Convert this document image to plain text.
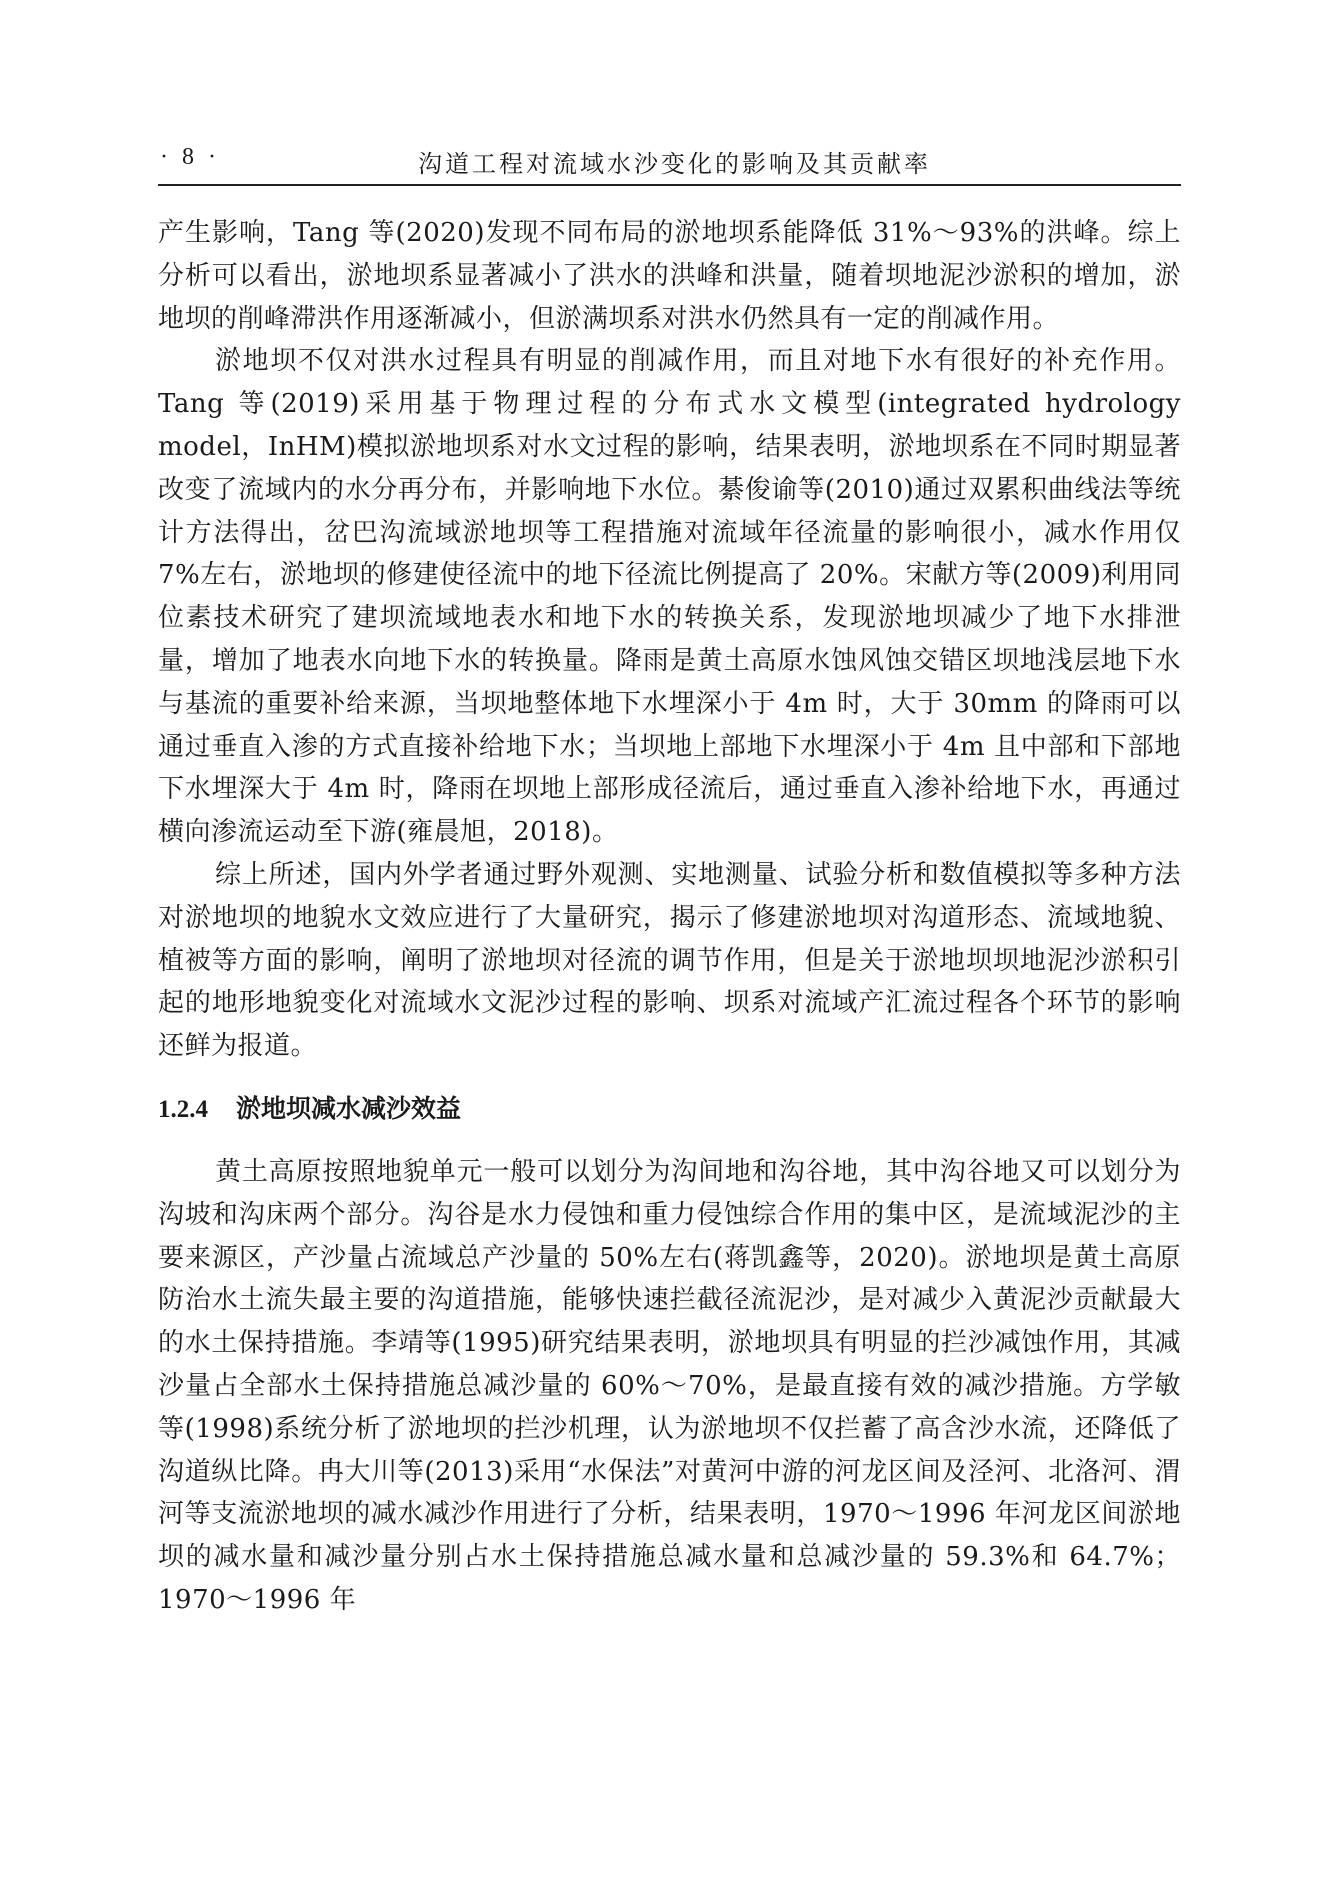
· 8 ·	沟道工程对流域水沙变化的影响及其贡献率

产生影响，Tang 等(2020)发现不同布局的淤地坝系能降低 31%～93%的洪峰。综上分析可以看出，淤地坝系显著减小了洪水的洪峰和洪量，随着坝地泥沙淤积的增加，淤地坝的削峰滞洪作用逐渐减小，但淤满坝系对洪水仍然具有一定的削减作用。

淤地坝不仅对洪水过程具有明显的削减作用，而且对地下水有很好的补充作用。Tang 等(2019)采用基于物理过程的分布式水文模型(integrated hydrology model，InHM)模拟淤地坝系对水文过程的影响，结果表明，淤地坝系在不同时期显著改变了流域内的水分再分布，并影响地下水位。綦俊谕等(2010)通过双累积曲线法等统计方法得出，岔巴沟流域淤地坝等工程措施对流域年径流量的影响很小，减水作用仅 7%左右，淤地坝的修建使径流中的地下径流比例提高了 20%。宋献方等(2009)利用同位素技术研究了建坝流域地表水和地下水的转换关系，发现淤地坝减少了地下水排泄量，增加了地表水向地下水的转换量。降雨是黄土高原水蚀风蚀交错区坝地浅层地下水与基流的重要补给来源，当坝地整体地下水埋深小于 4m 时，大于 30mm 的降雨可以通过垂直入渗的方式直接补给地下水；当坝地上部地下水埋深小于 4m 且中部和下部地下水埋深大于 4m 时，降雨在坝地上部形成径流后，通过垂直入渗补给地下水，再通过横向渗流运动至下游(雍晨旭，2018)。

综上所述，国内外学者通过野外观测、实地测量、试验分析和数值模拟等多种方法对淤地坝的地貌水文效应进行了大量研究，揭示了修建淤地坝对沟道形态、流域地貌、植被等方面的影响，阐明了淤地坝对径流的调节作用，但是关于淤地坝坝地泥沙淤积引起的地形地貌变化对流域水文泥沙过程的影响、坝系对流域产汇流过程各个环节的影响还鲜为报道。

1.2.4 淤地坝减水减沙效益

黄土高原按照地貌单元一般可以划分为沟间地和沟谷地，其中沟谷地又可以划分为沟坡和沟床两个部分。沟谷是水力侵蚀和重力侵蚀综合作用的集中区，是流域泥沙的主要来源区，产沙量占流域总产沙量的 50%左右(蒋凯鑫等，2020)。淤地坝是黄土高原防治水土流失最主要的沟道措施，能够快速拦截径流泥沙，是对减少入黄泥沙贡献最大的水土保持措施。李靖等(1995)研究结果表明，淤地坝具有明显的拦沙减蚀作用，其减沙量占全部水土保持措施总减沙量的 60%～70%，是最直接有效的减沙措施。方学敏等(1998)系统分析了淤地坝的拦沙机理，认为淤地坝不仅拦蓄了高含沙水流，还降低了沟道纵比降。冉大川等(2013)采用“水保法”对黄河中游的河龙区间及泾河、北洛河、渭河等支流淤地坝的减水减沙作用进行了分析，结果表明，1970～1996 年河龙区间淤地坝的减水量和减沙量分别占水土保持措施总减水量和总减沙量的 59.3%和 64.7%；1970～1996 年
